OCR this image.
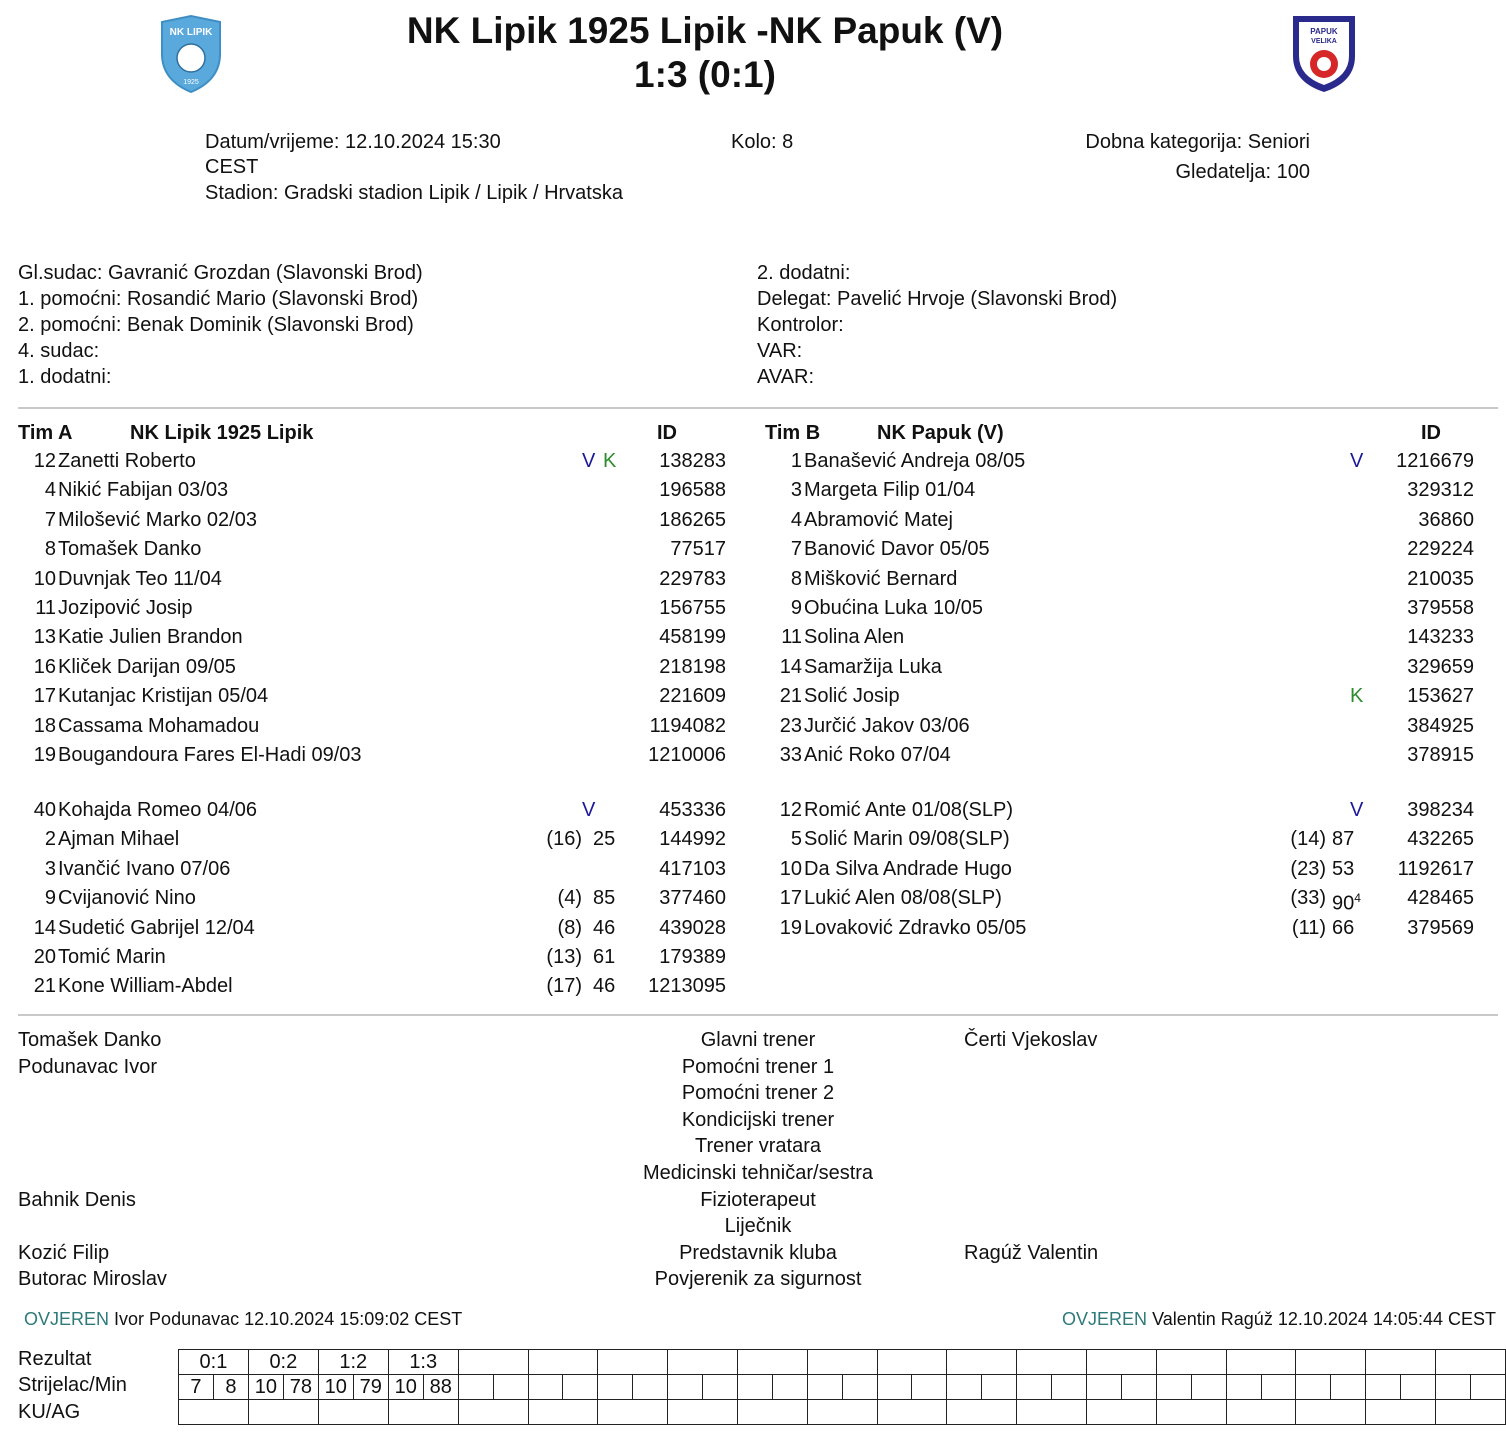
NK LIPIK
1925
PAPUK
VELIKA
NK Lipik 1925 Lipik -NK Papuk (V)
1:3 (0:1)
Datum/vrijeme: 12.10.2024 15:30
CEST
Stadion: Gradski stadion Lipik / Lipik / Hrvatska
Kolo: 8	Dobna kategorija: Seniori
Gledatelja: 100
Gl.sudac: Gavranić Grozdan (Slavonski Brod)
1. pomoćni: Rosandić Mario (Slavonski Brod)
2. pomoćni: Benak Dominik (Slavonski Brod)
4. sudac:
1. dodatni:
2. dodatni:
Delegat: Pavelić Hrvoje (Slavonski Brod)
Kontrolor:
VAR:
AVAR:
Tim A	NK Lipik 1925 Lipik	ID	Tim B	NK Papuk (V)	ID
12 Zanetti Roberto	V K	138283
4 Nikić Fabijan 03/03	196588
7 Milošević Marko 02/03	186265
8 Tomašek Danko	77517
10 Duvnjak Teo 11/04	229783
11 Jozipović Josip	156755
13 Katie Julien Brandon	458199
16 Kliček Darijan 09/05	218198
17 Kutanjac Kristijan 05/04	221609
18 Cassama Mohamadou	1194082
19 Bougandoura Fares El-Hadi 09/03	1210006
40 Kohajda Romeo 04/06	V	453336
2 Ajman Mihael	(16) 25	144992
3 Ivančić Ivano 07/06	417103
9 Cvijanović Nino	(4) 85	377460
14 Sudetić Gabrijel 12/04	(8) 46	439028
20 Tomić Marin	(13) 61	179389
21 Kone William-Abdel	(17) 46	1213095
1 Banašević Andreja 08/05	V	1216679
3 Margeta Filip 01/04	329312
4 Abramović Matej	36860
7 Banović Davor 05/05	229224
8 Mišković Bernard	210035
9 Obućina Luka 10/05	379558
11 Solina Alen	143233
14 Samaržija Luka	329659
21 Solić Josip	K	153627
23 Jurčić Jakov 03/06	384925
33 Anić Roko 07/04	378915
12 Romić Ante 01/08(SLP)	V	398234
5 Solić Marin 09/08(SLP)	(14) 87	432265
10 Da Silva Andrade Hugo	(23) 53	1192617
17 Lukić Alen 08/08(SLP)	(33) $90^4$	428465
19 Lovaković Zdravko 05/05	(11) 66	379569
Tomašek Danko	Glavni trener	Čerti Vjekoslav
Podunavac Ivor	Pomoćni trener 1
Pomoćni trener 2
Kondicijski trener
Trener vratara
Medicinski tehničar/sestra
Bahnik Denis	Fizioterapeut
Liječnik
Kozić Filip	Predstavnik kluba	Ragúž Valentin
Butorac Miroslav	Povjerenik za sigurnost
OVJEREN Ivor Podunavac 12.10.2024 15:09:02 CEST	OVJEREN Valentin Ragúž 12.10.2024 14:05:44 CEST
Rezultat
Strijelac/Min
KU/AG
0:1		0:2		1:2		1:3																															
7	8	10	78	10	79	10	88																														
